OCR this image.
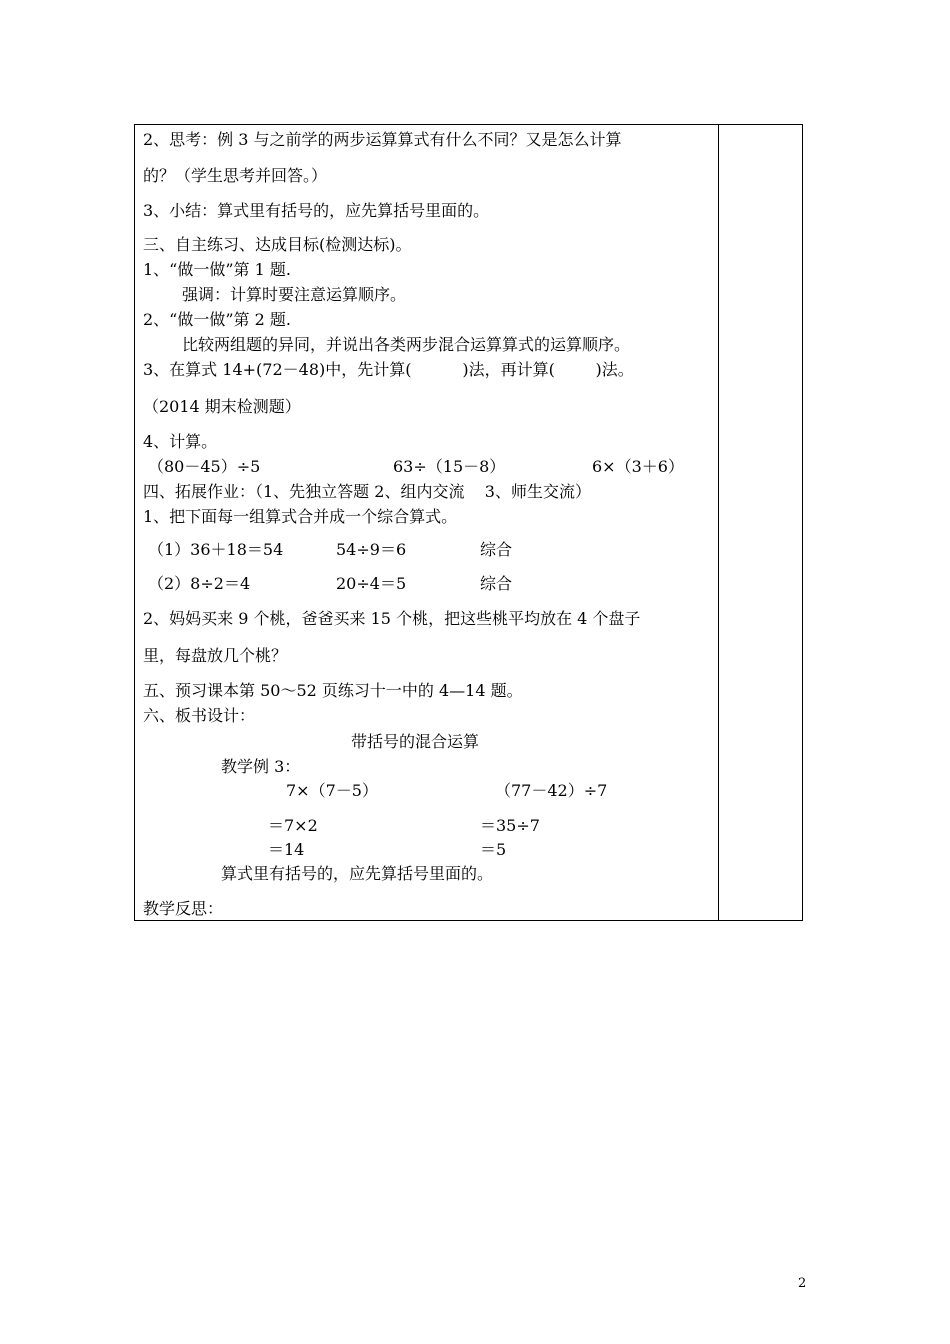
2、思考：例 3 与之前学的两步运算算式有什么不同？又是怎么计算
的？（学生思考并回答。）
3、小结：算式里有括号的，应先算括号里面的。
三、自主练习、达成目标(检测达标)。
1、“做一做”第 1 题.
强调：计算时要注意运算顺序。
2、“做一做”第 2 题.
比较两组题的异同，并说出各类两步混合运算算式的运算顺序。
3、在算式 14+(72－48)中，先计算(          )法，再计算(        )法。
（2014 期末检测题）
4、计算。
（80－45）÷5	63÷（15－8）	6×（3＋6）
四、拓展作业：（1、先独立答题 2、组内交流    3、师生交流）
1、把下面每一组算式合并成一个综合算式。
（1）36＋18＝54	54÷9＝6	综合
（2）8÷2＝4	20÷4＝5	综合
2、妈妈买来 9 个桃，爸爸买来 15 个桃，把这些桃平均放在 4 个盘子
里，每盘放几个桃？
五、预习课本第 50～52 页练习十一中的 4—14 题。
六、板书设计：
带括号的混合运算
教学例 3：
7×（7－5）	（77－42）÷7
＝7×2	＝35÷7
＝14	＝5
算式里有括号的，应先算括号里面的。
教学反思：
2
